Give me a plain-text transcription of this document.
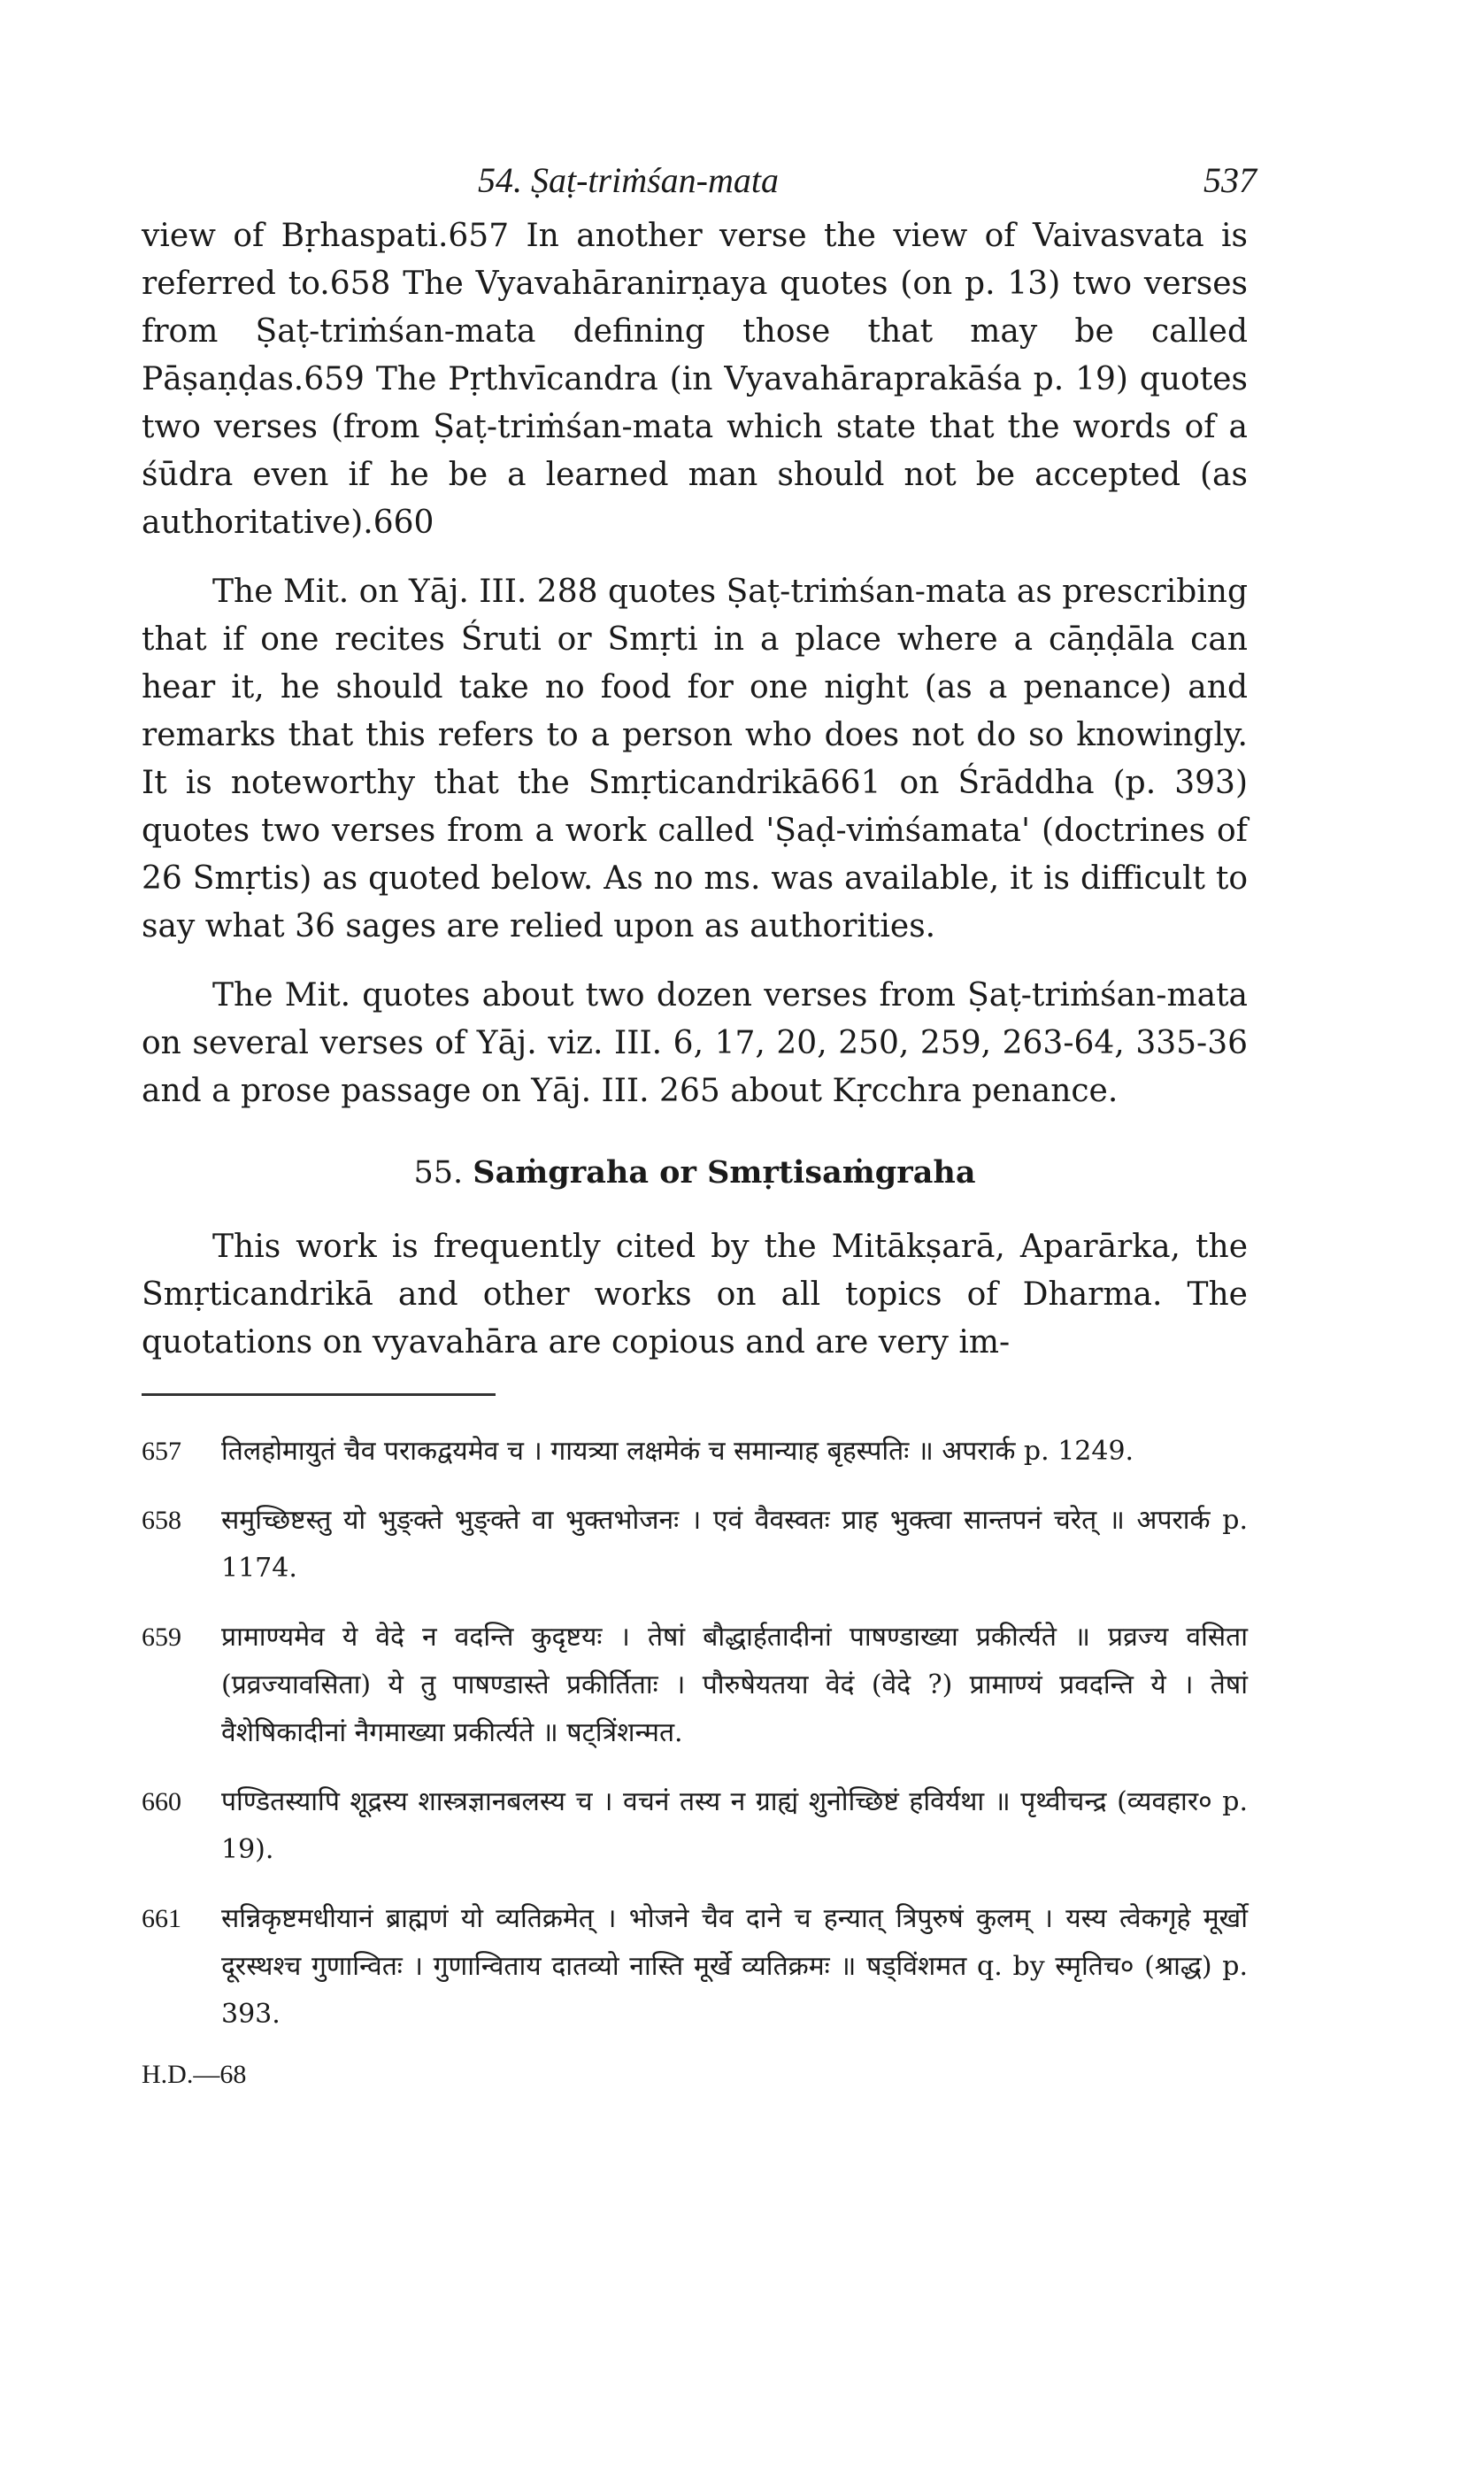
54. Ṣaṭ-triṁśan-mata	537

view of Bṛhaspati.657 In another verse the view of Vaivasvata is referred to.658 The Vyavahāranirṇaya quotes (on p. 13) two verses from Ṣaṭ-triṁśan-mata defining those that may be called Pāṣaṇḍas.659 The Pṛthvīcandra (in Vyavahāraprakāśa p. 19) quotes two verses (from Ṣaṭ-triṁśan-mata which state that the words of a śūdra even if he be a learned man should not be accepted (as authoritative).660

The Mit. on Yāj. III. 288 quotes Ṣaṭ-triṁśan-mata as prescribing that if one recites Śruti or Smṛti in a place where a cāṇḍāla can hear it, he should take no food for one night (as a penance) and remarks that this refers to a person who does not do so knowingly. It is noteworthy that the Smṛticandrikā661 on Śrāddha (p. 393) quotes two verses from a work called 'Ṣaḍ-viṁśamata' (doctrines of 26 Smṛtis) as quoted below. As no ms. was available, it is difficult to say what 36 sages are relied upon as authorities.

The Mit. quotes about two dozen verses from Ṣaṭ-triṁśan-mata on several verses of Yāj. viz. III. 6, 17, 20, 250, 259, 263-64, 335-36 and a prose passage on Yāj. III. 265 about Kṛcchra penance.

55. Saṁgraha or Smṛtisaṁgraha

This work is frequently cited by the Mitākṣarā, Aparārka, the Smṛticandrikā and other works on all topics of Dharma. The quotations on vyavahāra are copious and are very im-

657	तिलहोमायुतं चैव पराकद्वयमेव च । गायत्र्या लक्षमेकं च समान्याह बृहस्पतिः ॥ अपरार्क p. 1249.
658	समुच्छिष्टस्तु यो भुङ्क्ते भुङ्क्ते वा भुक्तभोजनः । एवं वैवस्वतः प्राह भुक्त्वा सान्तपनं चरेत् ॥ अपरार्क p. 1174.
659	प्रामाण्यमेव ये वेदे न वदन्ति कुदृष्टयः । तेषां बौद्धार्हतादीनां पाषण्डाख्या प्रकीर्त्यते ॥ प्रव्रज्य वसिता (प्रव्रज्यावसिता) ये तु पाषण्डास्ते प्रकीर्तिताः । पौरुषेयतया वेदं (वेदे ?) प्रामाण्यं प्रवदन्ति ये । तेषां वैशेषिकादीनां नैगमाख्या प्रकीर्त्यते ॥ षट्त्रिंशन्मत.
660	पण्डितस्यापि शूद्रस्य शास्त्रज्ञानबलस्य च । वचनं तस्य न ग्राह्यं शुनोच्छिष्टं हविर्यथा ॥ पृथ्वीचन्द्र (व्यवहार० p. 19).
661	सन्निकृष्टमधीयानं ब्राह्मणं यो व्यतिक्रमेत् । भोजने चैव दाने च हन्यात् त्रिपुरुषं कुलम् । यस्य त्वेकगृहे मूर्खो दूरस्थश्च गुणान्वितः । गुणान्विताय दातव्यो नास्ति मूर्खे व्यतिक्रमः ॥ षड्विंशमत q. by स्मृतिच० (श्राद्ध) p. 393.
H.D.—68
